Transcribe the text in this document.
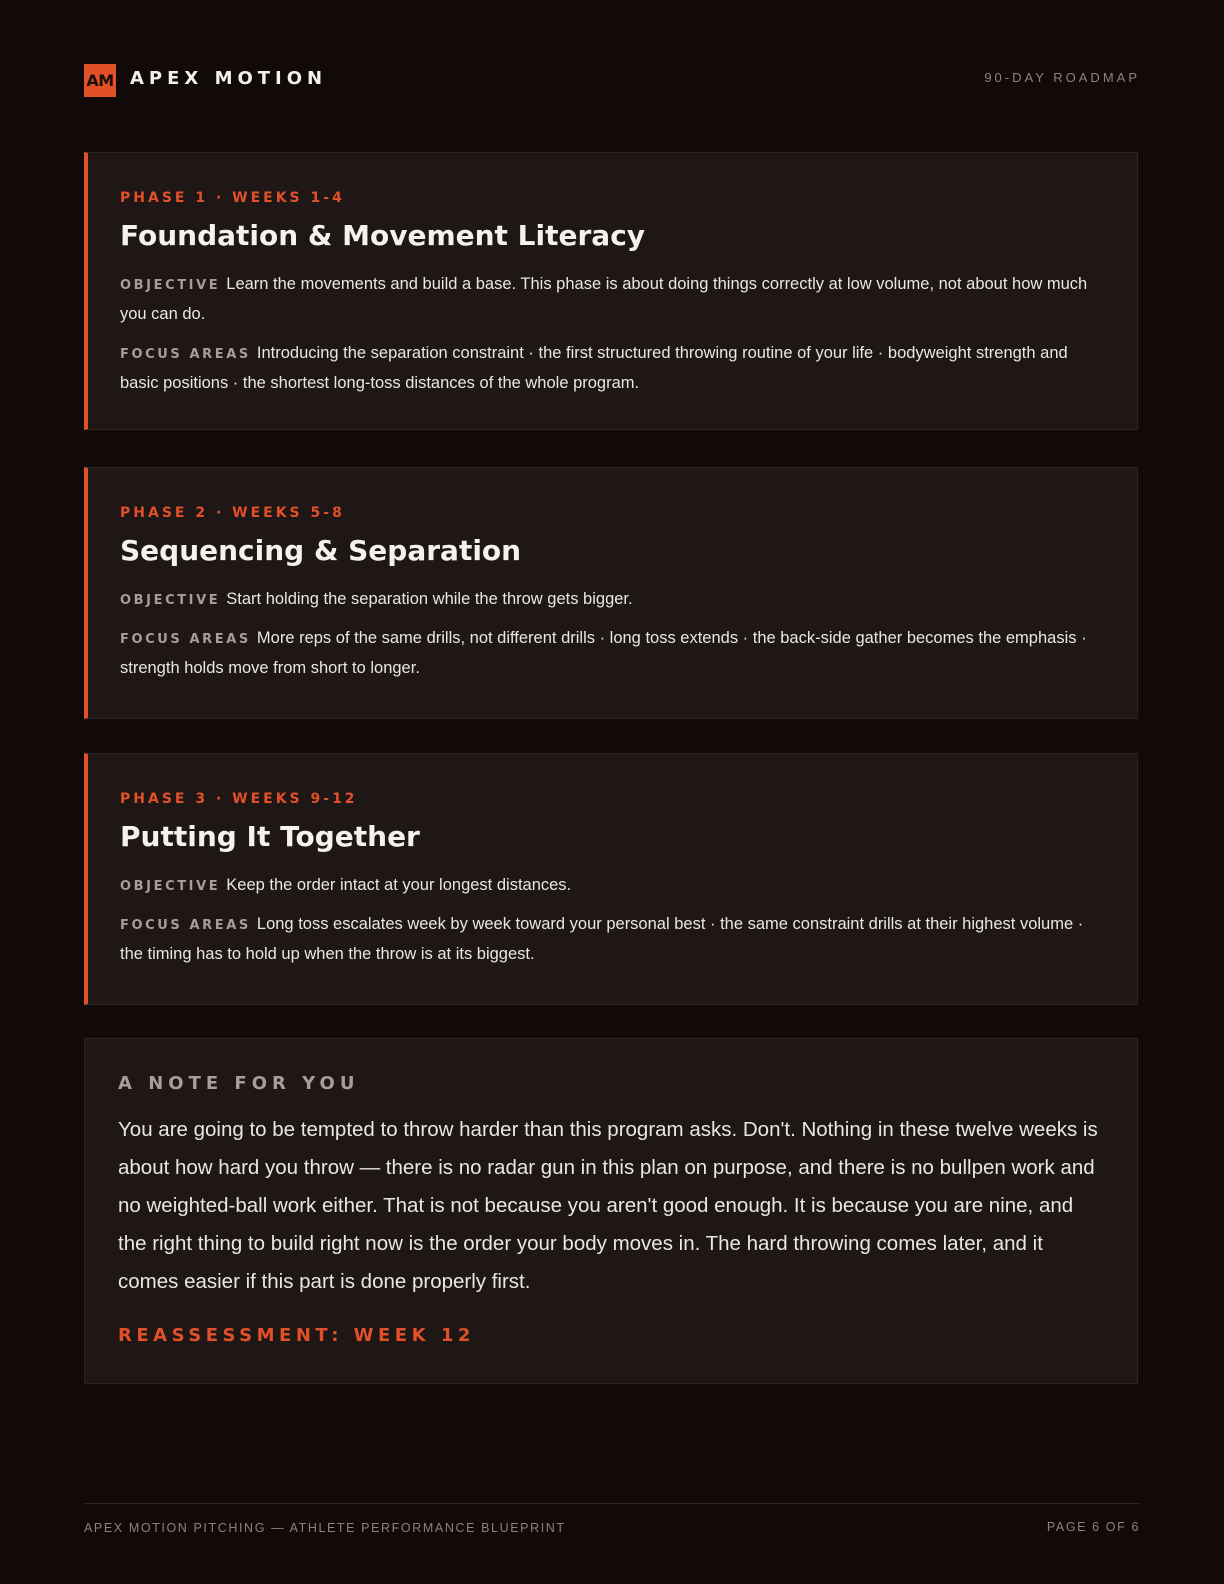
AM APEX MOTION	90-DAY ROADMAP
PHASE 1 · WEEKS 1-4
Foundation & Movement Literacy
OBJECTIVE Learn the movements and build a base. This phase is about doing things correctly at low volume, not about how much you can do.
FOCUS AREAS Introducing the separation constraint · the first structured throwing routine of your life · bodyweight strength and basic positions · the shortest long-toss distances of the whole program.
PHASE 2 · WEEKS 5-8
Sequencing & Separation
OBJECTIVE Start holding the separation while the throw gets bigger.
FOCUS AREAS More reps of the same drills, not different drills · long toss extends · the back-side gather becomes the emphasis · strength holds move from short to longer.
PHASE 3 · WEEKS 9-12
Putting It Together
OBJECTIVE Keep the order intact at your longest distances.
FOCUS AREAS Long toss escalates week by week toward your personal best · the same constraint drills at their highest volume · the timing has to hold up when the throw is at its biggest.
A NOTE FOR YOU
You are going to be tempted to throw harder than this program asks. Don't. Nothing in these twelve weeks is about how hard you throw — there is no radar gun in this plan on purpose, and there is no bullpen work and no weighted-ball work either. That is not because you aren't good enough. It is because you are nine, and the right thing to build right now is the order your body moves in. The hard throwing comes later, and it comes easier if this part is done properly first.
REASSESSMENT: WEEK 12
APEX MOTION PITCHING — ATHLETE PERFORMANCE BLUEPRINT	PAGE 6 OF 6
